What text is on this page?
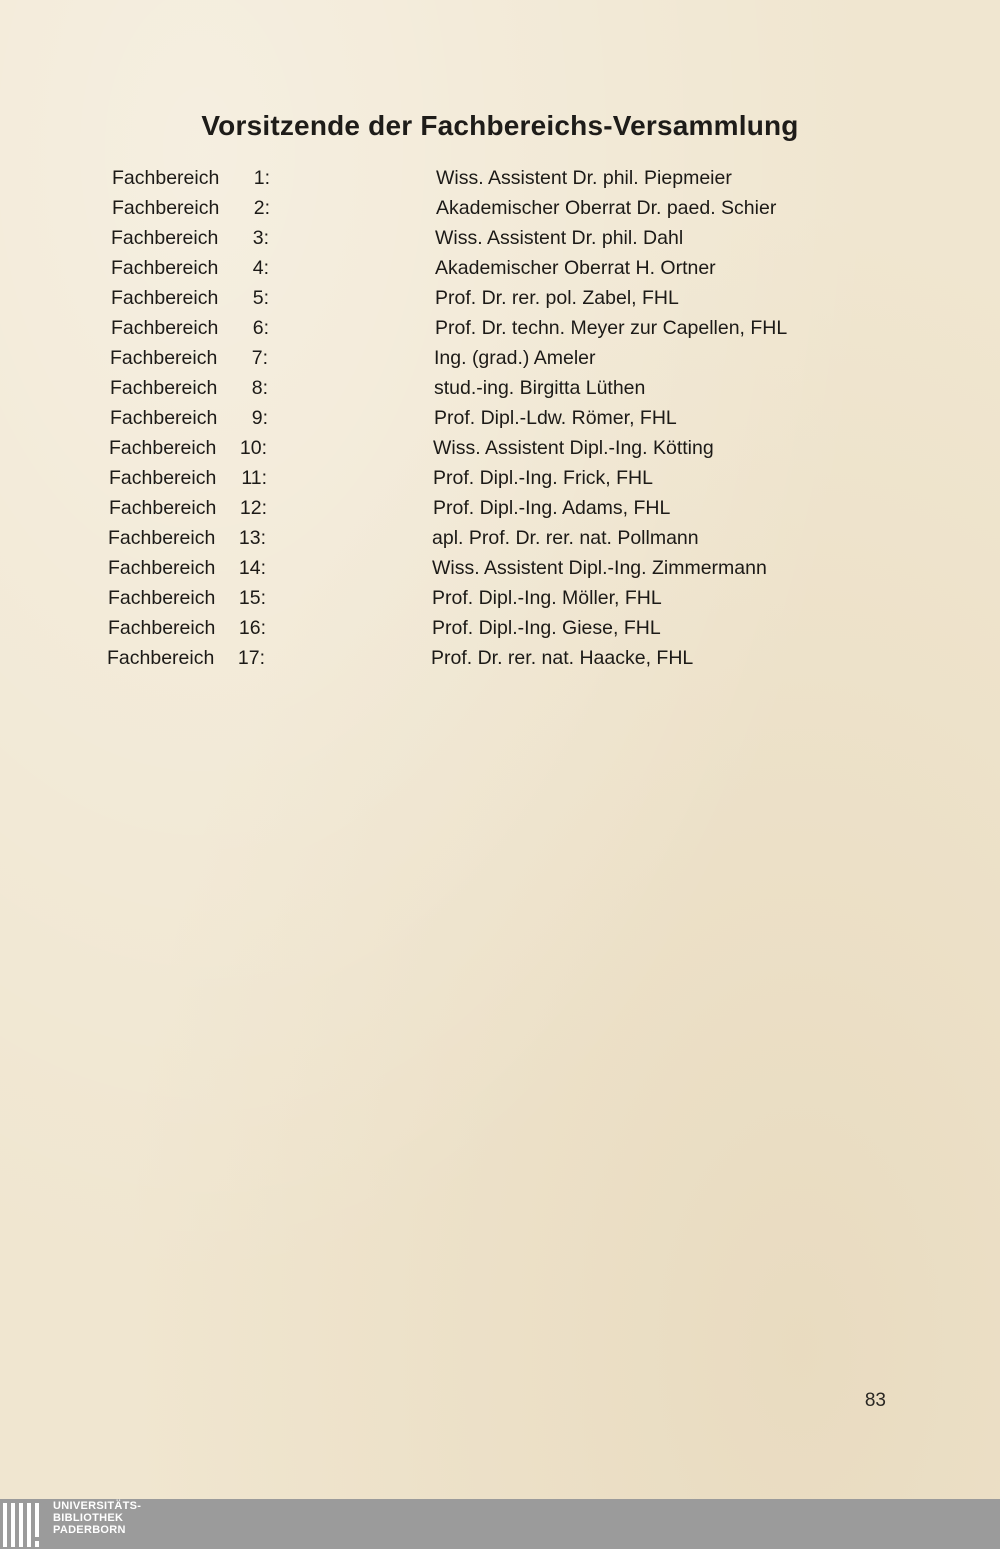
Vorsitzende der Fachbereichs-Versammlung
Fachbereich	1:	Wiss. Assistent Dr. phil. Piepmeier
Fachbereich	2:	Akademischer Oberrat Dr. paed. Schier
Fachbereich	3:	Wiss. Assistent Dr. phil. Dahl
Fachbereich	4:	Akademischer Oberrat H. Ortner
Fachbereich	5:	Prof. Dr. rer. pol. Zabel, FHL
Fachbereich	6:	Prof. Dr. techn. Meyer zur Capellen, FHL
Fachbereich	7:	Ing. (grad.) Ameler
Fachbereich	8:	stud.-ing. Birgitta Lüthen
Fachbereich	9:	Prof. Dipl.-Ldw. Römer, FHL
Fachbereich	10:	Wiss. Assistent Dipl.-Ing. Kötting
Fachbereich	11:	Prof. Dipl.-Ing. Frick, FHL
Fachbereich	12:	Prof. Dipl.-Ing. Adams, FHL
Fachbereich	13:	apl. Prof. Dr. rer. nat. Pollmann
Fachbereich	14:	Wiss. Assistent Dipl.-Ing. Zimmermann
Fachbereich	15:	Prof. Dipl.-Ing. Möller, FHL
Fachbereich	16:	Prof. Dipl.-Ing. Giese, FHL
Fachbereich	17:	Prof. Dr. rer. nat. Haacke, FHL
83
UNIVERSITÄTS-
BIBLIOTHEK
PADERBORN
